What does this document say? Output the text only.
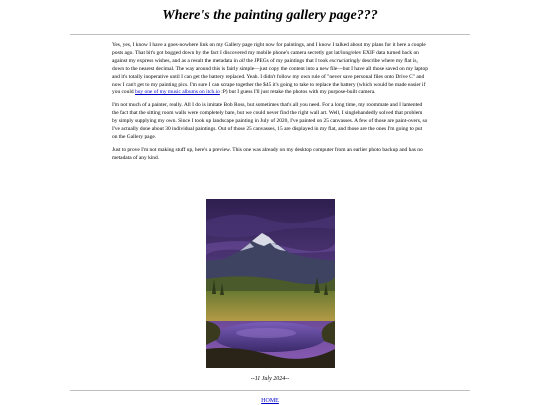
Where's the painting gallery page???

Yes, yes, I know I have a goes-nowhere link on my Gallery page right now for paintings, and I know I talked about my plans for it here a couple posts ago. That bit's got bogged down by the fact I discovered my mobile phone's camera secretly got lat/long/elev EXIF data turned back on against my express wishes, and as a result the metadata in all the JPEGs of my paintings that I took excruciatingly describe where my flat is, down to the nearest decimal. The way around this is fairly simple—just copy the content into a new file—but I have all those saved on my laptop and it's totally inoperative until I can get the battery replaced. Yeah. I didn't follow my own rule of "never save personal files onto Drive C" and now I can't get to my painting pics. I'm sure I can scrape together the $45 it's going to take to replace the battery (which would be made easier if you could buy one of my music albums on itch.io :P) but I guess I'll just retake the photos with my purpose-built camera.

I'm not much of a painter, really. All I do is imitate Bob Ross, but sometimes that's all you need. For a long time, my roommate and I lamented the fact that the sitting room walls were completely bare, but we could never find the right wall art. Well, I singlehandedly solved that problem by simply supplying my own. Since I took up landscape painting in July of 2020, I've painted on 25 canvasses. A few of those are paint-overs, so I've actually done about 30 individual paintings. Out of those 25 canvasses, 15 are displayed in my flat, and those are the ones I'm going to put on the Gallery page.

Just to prove I'm not making stuff up, here's a preview. This one was already on my desktop computer from an earlier photo backup and has no metadata of any kind.

--11 July 2024--
HOME
